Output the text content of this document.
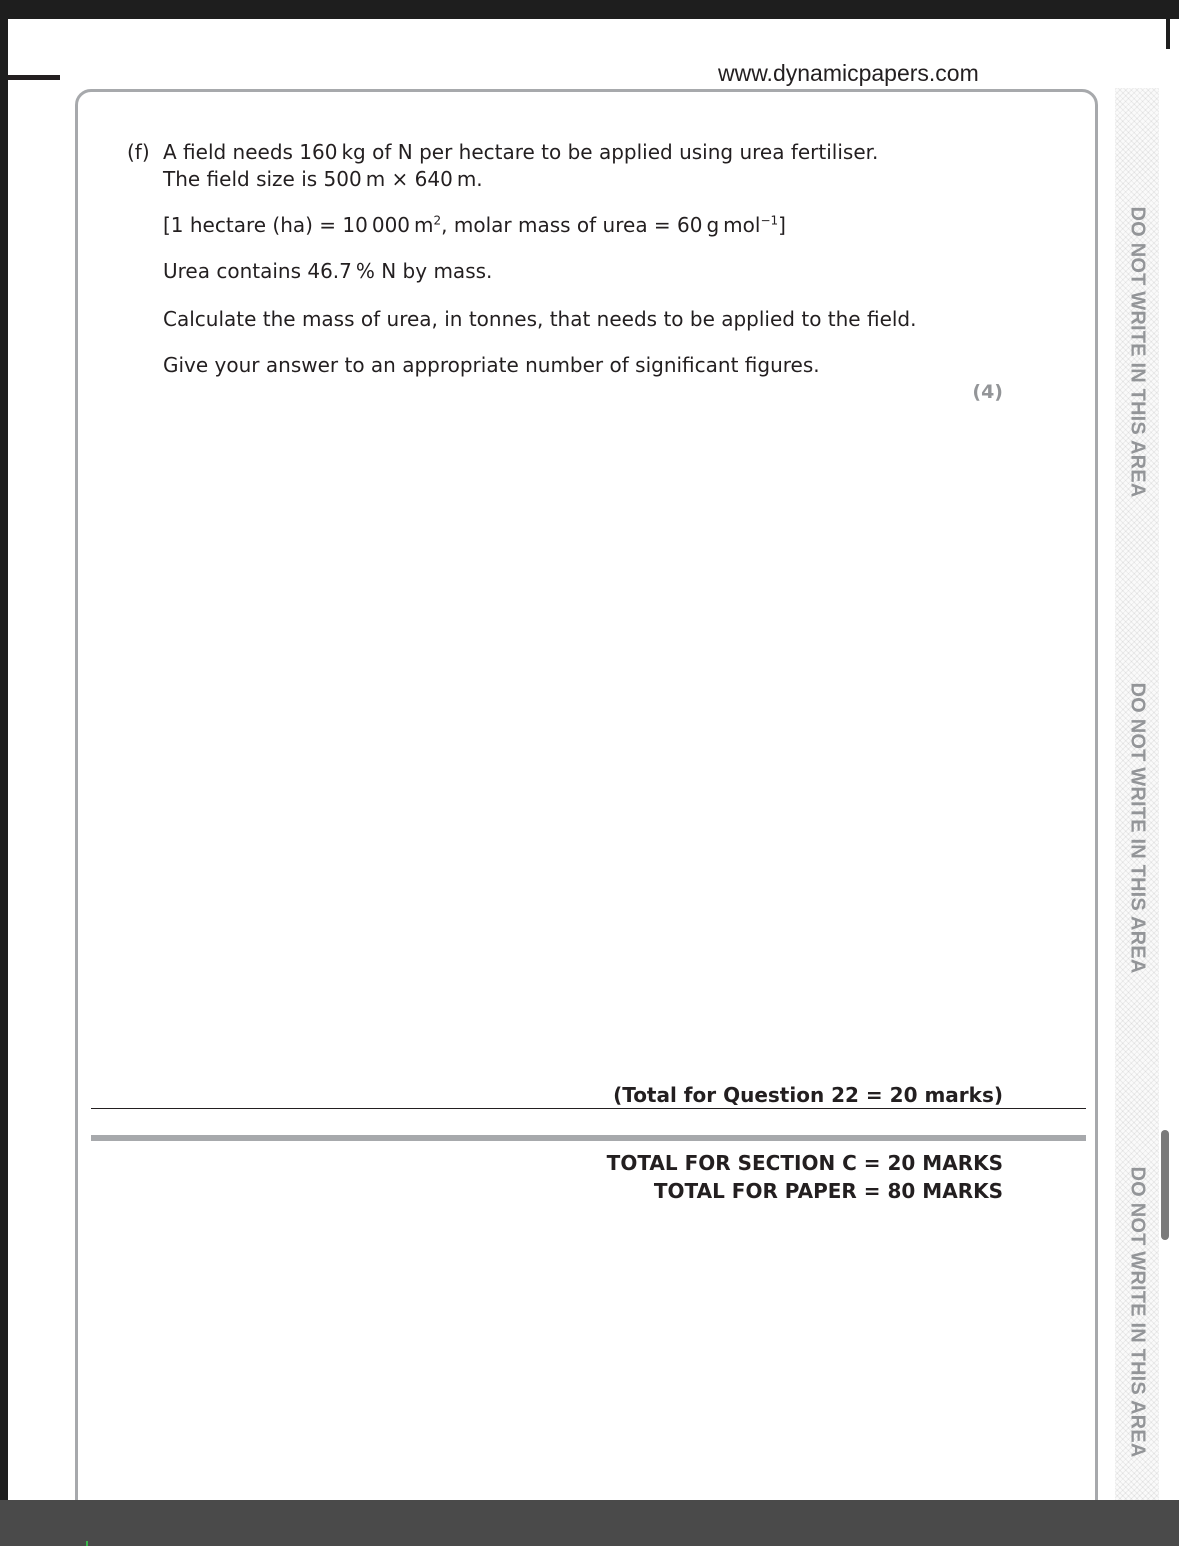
www.dynamicpapers.com
DO NOT WRITE IN THIS AREA
DO NOT WRITE IN THIS AREA
DO NOT WRITE IN THIS AREA
(f) A field needs 160 kg of N per hectare to be applied using urea fertiliser.
The field size is 500 m × 640 m.
[1 hectare (ha) = 10 000 $m^2$, molar mass of urea = 60 g mol$^{-1}$]
Urea contains 46.7 % N by mass.
Calculate the mass of urea, in tonnes, that needs to be applied to the field.
Give your answer to an appropriate number of significant figures.
(4)
(Total for Question 22 = 20 marks)
TOTAL FOR SECTION C = 20 MARKS
TOTAL FOR PAPER = 80 MARKS
